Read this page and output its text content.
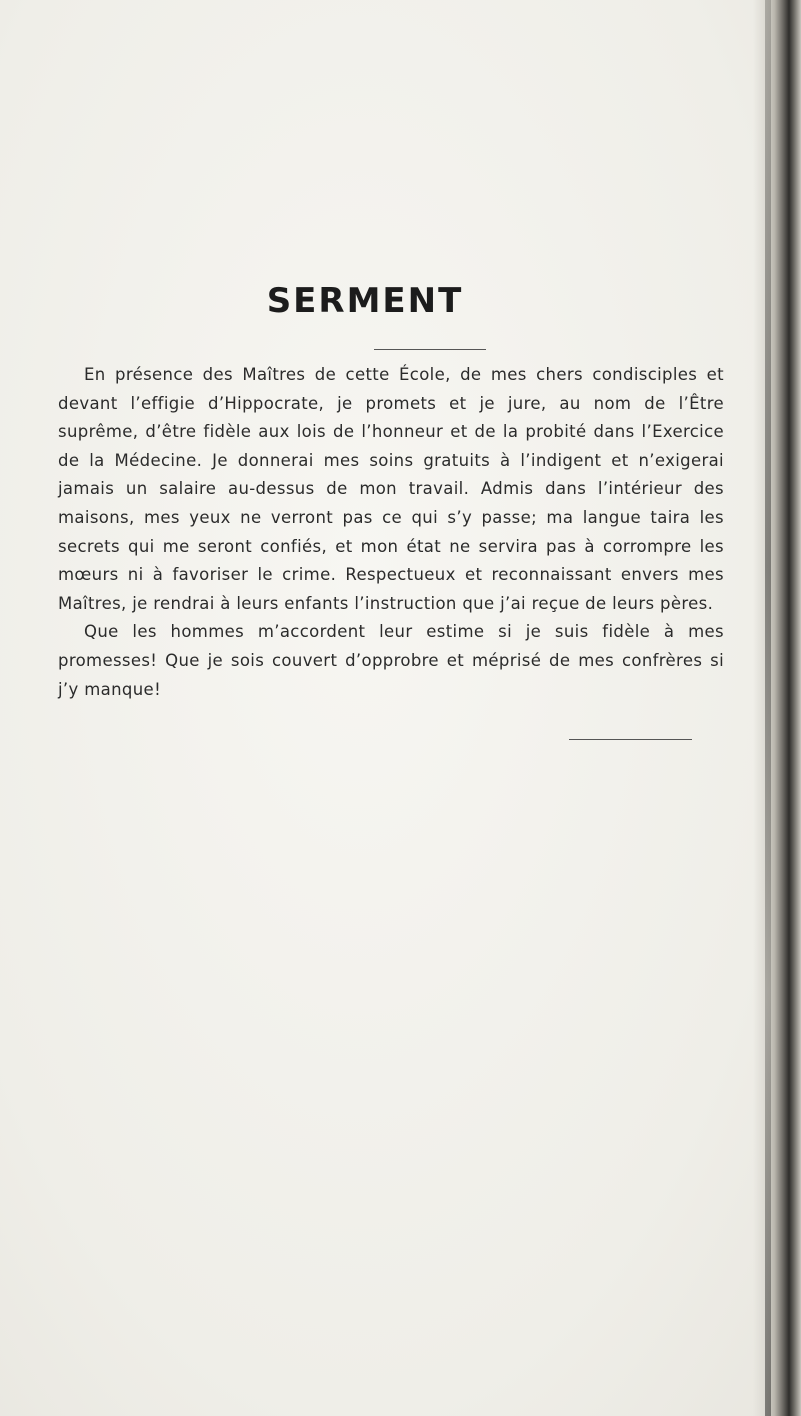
SERMENT

En présence des Maîtres de cette École, de mes chers condisciples et devant l’effigie d’Hippocrate, je promets et je jure, au nom de l’Être suprême, d’être fidèle aux lois de l’honneur et de la probité dans l’Exercice de la Médecine. Je donnerai mes soins gratuits à l’indigent et n’exigerai jamais un salaire au-dessus de mon travail. Admis dans l’intérieur des maisons, mes yeux ne verront pas ce qui s’y passe; ma langue taira les secrets qui me seront confiés, et mon état ne servira pas à corrompre les mœurs ni à favoriser le crime. Respectueux et reconnaissant envers mes Maîtres, je rendrai à leurs enfants l’instruction que j’ai reçue de leurs pères.

Que les hommes m’accordent leur estime si je suis fidèle à mes promesses! Que je sois couvert d’opprobre et méprisé de mes confrères si j’y manque!
